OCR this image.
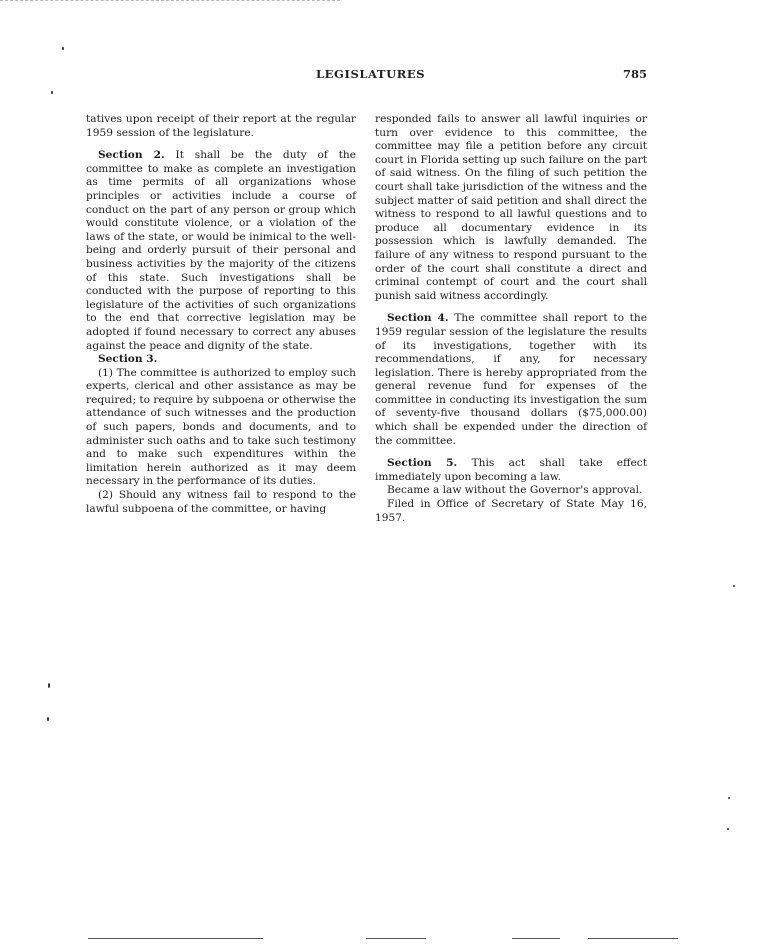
LEGISLATURES	785

tatives upon receipt of their report at the regular 1959 session of the legislature.

Section 2. It shall be the duty of the committee to make as complete an investigation as time permits of all organizations whose principles or activities include a course of conduct on the part of any person or group which would constitute violence, or a violation of the laws of the state, or would be inimical to the well-being and orderly pursuit of their personal and business activities by the majority of the citizens of this state. Such investigations shall be conducted with the purpose of reporting to this legislature of the activities of such organizations to the end that corrective legislation may be adopted if found necessary to correct any abuses against the peace and dignity of the state.

Section 3.

(1) The committee is authorized to employ such experts, clerical and other assistance as may be required; to require by subpoena or otherwise the attendance of such witnesses and the production of such papers, bonds and documents, and to administer such oaths and to take such testimony and to make such expenditures within the limitation herein authorized as it may deem necessary in the performance of its duties.

(2) Should any witness fail to respond to the lawful subpoena of the committee, or having

responded fails to answer all lawful inquiries or turn over evidence to this committee, the committee may file a petition before any circuit court in Florida setting up such failure on the part of said witness. On the filing of such petition the court shall take jurisdiction of the witness and the subject matter of said petition and shall direct the witness to respond to all lawful questions and to produce all documentary evidence in its possession which is lawfully demanded. The failure of any witness to respond pursuant to the order of the court shall constitute a direct and criminal contempt of court and the court shall punish said witness accordingly.

Section 4. The committee shall report to the 1959 regular session of the legislature the results of its investigations, together with its recommendations, if any, for necessary legislation. There is hereby appropriated from the general revenue fund for expenses of the committee in conducting its investigation the sum of seventy-five thousand dollars ($75,000.00) which shall be expended under the direction of the committee.

Section 5. This act shall take effect immediately upon becoming a law.

Became a law without the Governor's approval.

Filed in Office of Secretary of State May 16, 1957.
